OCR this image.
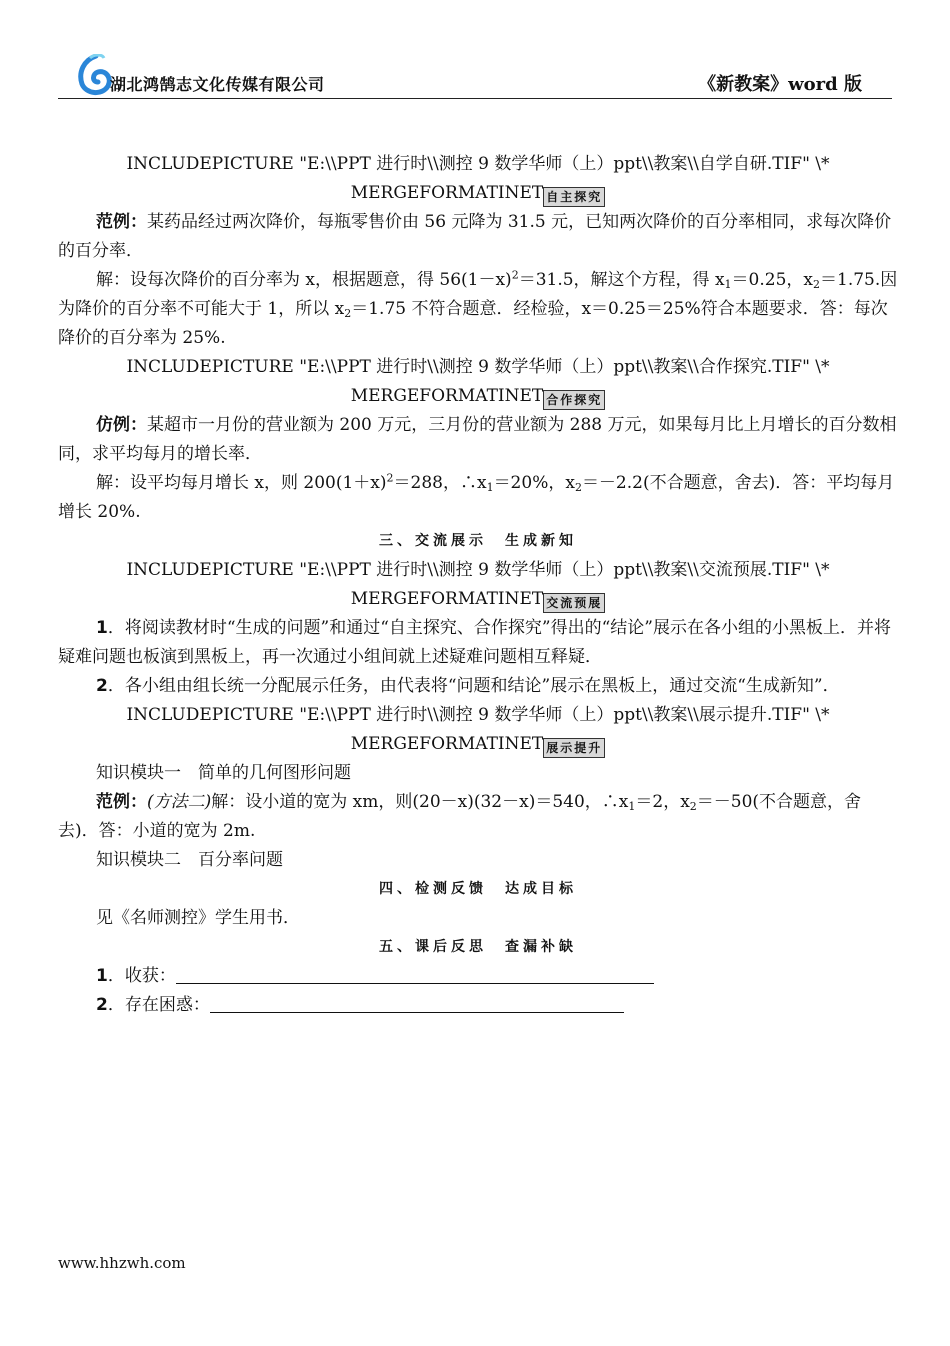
湖北鸿鹄志文化传媒有限公司	《新教案》word 版

INCLUDEPICTURE "E:\\PPT 进行时\\测控 9 数学华师（上）ppt\\教案\\自学自研.TIF" \*

MERGEFORMATINET 自主探究

范例：某药品经过两次降价，每瓶零售价由 56 元降为 31.5 元，已知两次降价的百分率相同，求每次降价的百分率．

解：设每次降价的百分率为 x，根据题意，得 $56(1-x)^2=31.5$，解这个方程，得 $x_1=0.25$，$x_2=1.75$.因为降价的百分率不可能大于 1，所以 $x_2=1.75$ 不符合题意．经检验，x＝0.25＝25%符合本题要求．答：每次降价的百分率为 25%.

INCLUDEPICTURE "E:\\PPT 进行时\\测控 9 数学华师（上）ppt\\教案\\合作探究.TIF" \*

MERGEFORMATINET 合作探究

仿例：某超市一月份的营业额为 200 万元，三月份的营业额为 288 万元，如果每月比上月增长的百分数相同，求平均每月的增长率．

解：设平均每月增长 x，则 $200(1+x)^2=288$，$\therefore x_1=20\%$，$x_2=-2.2$(不合题意，舍去)．答：平均每月增长 20%.

三、交流展示　生成新知

INCLUDEPICTURE "E:\\PPT 进行时\\测控 9 数学华师（上）ppt\\教案\\交流预展.TIF" \*

MERGEFORMATINET 交流预展

1．将阅读教材时“生成的问题”和通过“自主探究、合作探究”得出的“结论”展示在各小组的小黑板上．并将疑难问题也板演到黑板上，再一次通过小组间就上述疑难问题相互释疑．

2．各小组由组长统一分配展示任务，由代表将“问题和结论”展示在黑板上，通过交流“生成新知”．

INCLUDEPICTURE "E:\\PPT 进行时\\测控 9 数学华师（上）ppt\\教案\\展示提升.TIF" \*

MERGEFORMATINET 展示提升

知识模块一　简单的几何图形问题

范例：(方法二)解：设小道的宽为 xm，则(20－x)(32－x)＝540，$\therefore x_1=2$，$x_2=-50$(不合题意，舍去)．答：小道的宽为 2m.

知识模块二　百分率问题

四、检测反馈　达成目标

见《名师测控》学生用书．

五、课后反思　查漏补缺

1．收获：

2．存在困惑：

www.hhzwh.com
